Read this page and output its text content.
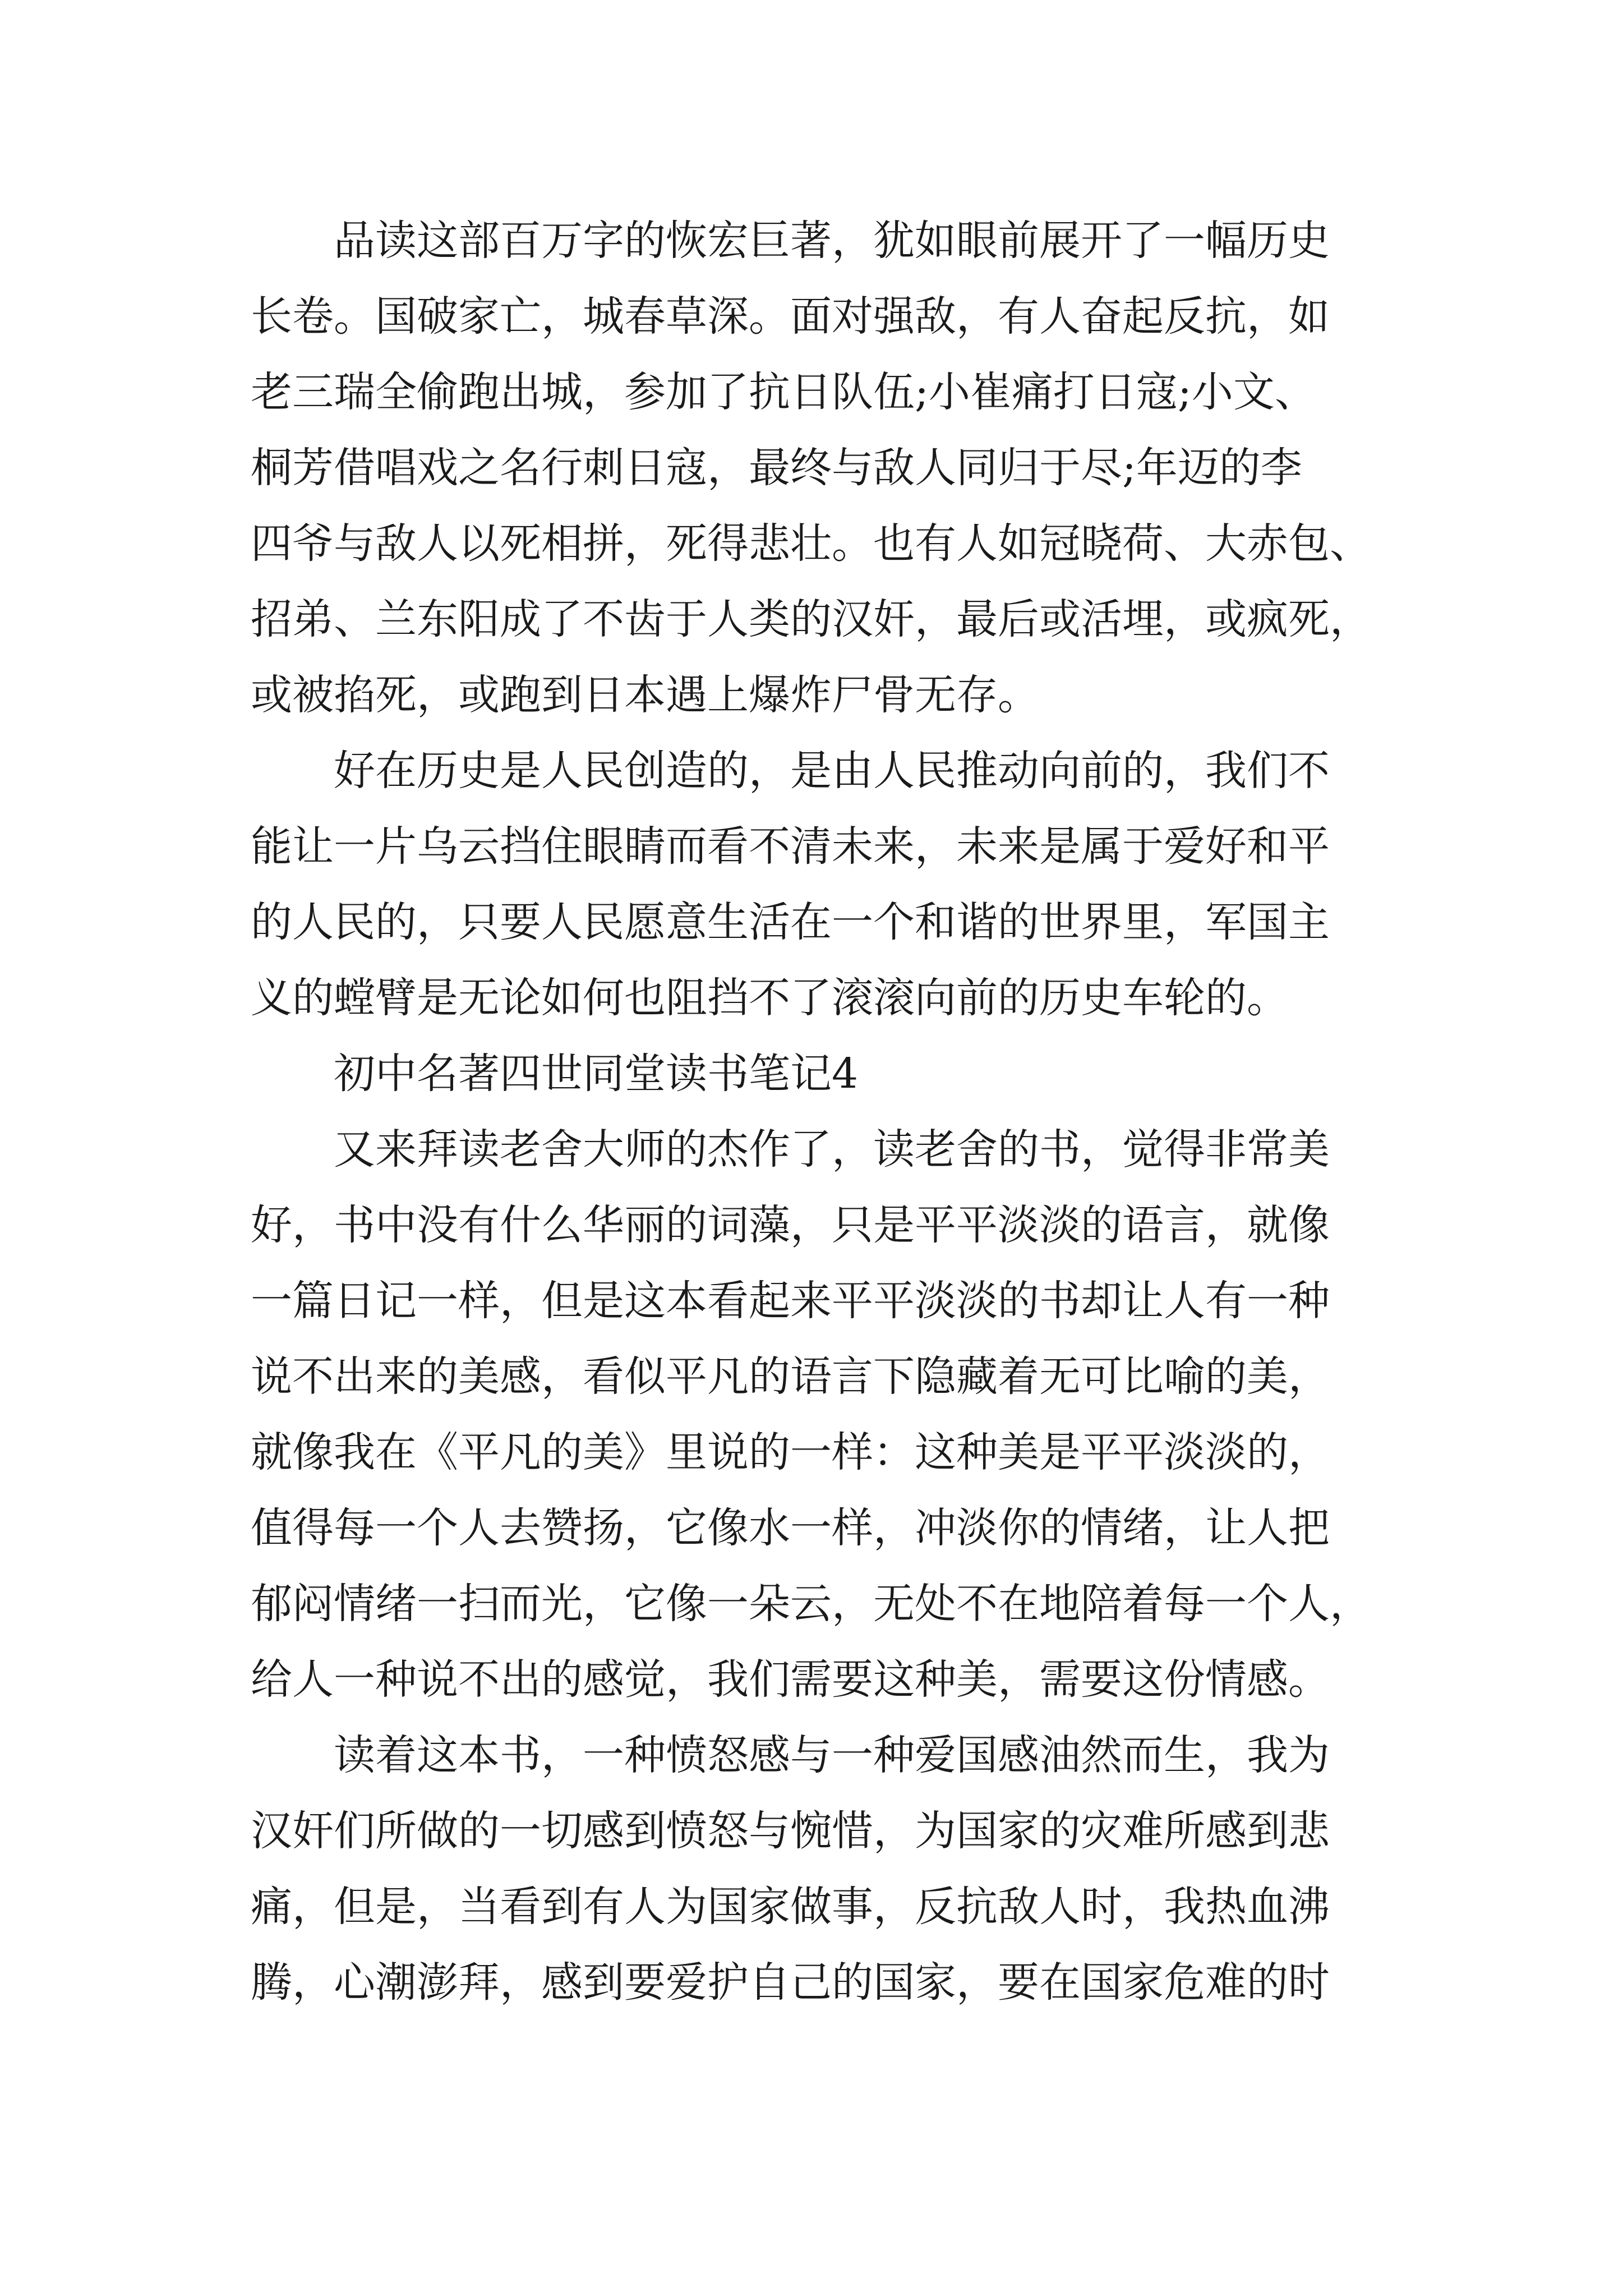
品读这部百万字的恢宏巨著，犹如眼前展开了一幅历史
长卷。国破家亡，城春草深。面对强敌，有人奋起反抗，如
老三瑞全偷跑出城，参加了抗日队伍;小崔痛打日寇;小文、
桐芳借唱戏之名行刺日寇，最终与敌人同归于尽;年迈的李
四爷与敌人以死相拼，死得悲壮。也有人如冠晓荷、大赤包、
招弟、兰东阳成了不齿于人类的汉奸，最后或活埋，或疯死，
或被掐死，或跑到日本遇上爆炸尸骨无存。
好在历史是人民创造的，是由人民推动向前的，我们不
能让一片乌云挡住眼睛而看不清未来，未来是属于爱好和平
的人民的，只要人民愿意生活在一个和谐的世界里，军国主
义的螳臂是无论如何也阻挡不了滚滚向前的历史车轮的。
初中名著四世同堂读书笔记4
又来拜读老舍大师的杰作了，读老舍的书，觉得非常美
好，书中没有什么华丽的词藻，只是平平淡淡的语言，就像
一篇日记一样，但是这本看起来平平淡淡的书却让人有一种
说不出来的美感，看似平凡的语言下隐藏着无可比喻的美，
就像我在《平凡的美》里说的一样：这种美是平平淡淡的，
值得每一个人去赞扬，它像水一样，冲淡你的情绪，让人把
郁闷情绪一扫而光，它像一朵云，无处不在地陪着每一个人，
给人一种说不出的感觉，我们需要这种美，需要这份情感。
读着这本书，一种愤怒感与一种爱国感油然而生，我为
汉奸们所做的一切感到愤怒与惋惜，为国家的灾难所感到悲
痛，但是，当看到有人为国家做事，反抗敌人时，我热血沸
腾，心潮澎拜，感到要爱护自己的国家，要在国家危难的时
